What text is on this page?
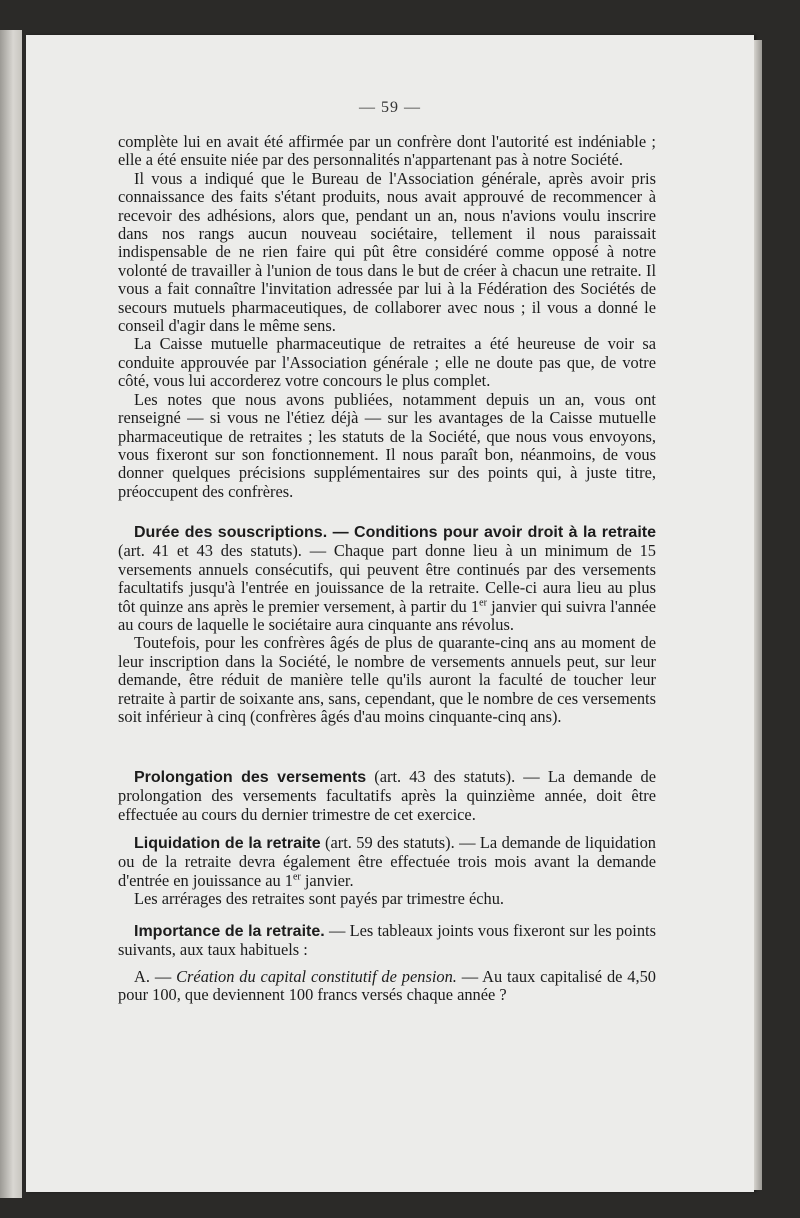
— 59 —

complète lui en avait été affirmée par un confrère dont l'autorité est indéniable ; elle a été ensuite niée par des personnalités n'appartenant pas à notre Société.

Il vous a indiqué que le Bureau de l'Association générale, après avoir pris connaissance des faits s'étant produits, nous avait approuvé de recommencer à recevoir des adhésions, alors que, pendant un an, nous n'avions voulu inscrire dans nos rangs aucun nouveau sociétaire, tellement il nous paraissait indispensable de ne rien faire qui pût être considéré comme opposé à notre volonté de travailler à l'union de tous dans le but de créer à chacun une retraite. Il vous a fait connaître l'invitation adressée par lui à la Fédération des Sociétés de secours mutuels pharmaceutiques, de collaborer avec nous ; il vous a donné le conseil d'agir dans le même sens.

La Caisse mutuelle pharmaceutique de retraites a été heureuse de voir sa conduite approuvée par l'Association générale ; elle ne doute pas que, de votre côté, vous lui accorderez votre concours le plus complet.

Les notes que nous avons publiées, notamment depuis un an, vous ont renseigné — si vous ne l'étiez déjà — sur les avantages de la Caisse mutuelle pharmaceutique de retraites ; les statuts de la Société, que nous vous envoyons, vous fixeront sur son fonctionnement. Il nous paraît bon, néanmoins, de vous donner quelques précisions supplémentaires sur des points qui, à juste titre, préoccupent des confrères.

Durée des souscriptions. — Conditions pour avoir droit à la retraite (art. 41 et 43 des statuts). — Chaque part donne lieu à un minimum de 15 versements annuels consécutifs, qui peuvent être continués par des versements facultatifs jusqu'à l'entrée en jouissance de la retraite. Celle-ci aura lieu au plus tôt quinze ans après le premier versement, à partir du 1er janvier qui suivra l'année au cours de laquelle le sociétaire aura cinquante ans révolus.

Toutefois, pour les confrères âgés de plus de quarante-cinq ans au moment de leur inscription dans la Société, le nombre de versements annuels peut, sur leur demande, être réduit de manière telle qu'ils auront la faculté de toucher leur retraite à partir de soixante ans, sans, cependant, que le nombre de ces versements soit inférieur à cinq (confrères âgés d'au moins cinquante-cinq ans).

Prolongation des versements (art. 43 des statuts). — La demande de prolongation des versements facultatifs après la quinzième année, doit être effectuée au cours du dernier trimestre de cet exercice.

Liquidation de la retraite (art. 59 des statuts). — La demande de liquidation ou de la retraite devra également être effectuée trois mois avant la demande d'entrée en jouissance au 1er janvier.

Les arrérages des retraites sont payés par trimestre échu.

Importance de la retraite. — Les tableaux joints vous fixeront sur les points suivants, aux taux habituels :

A. — Création du capital constitutif de pension. — Au taux capitalisé de 4,50 pour 100, que deviennent 100 francs versés chaque année ?
